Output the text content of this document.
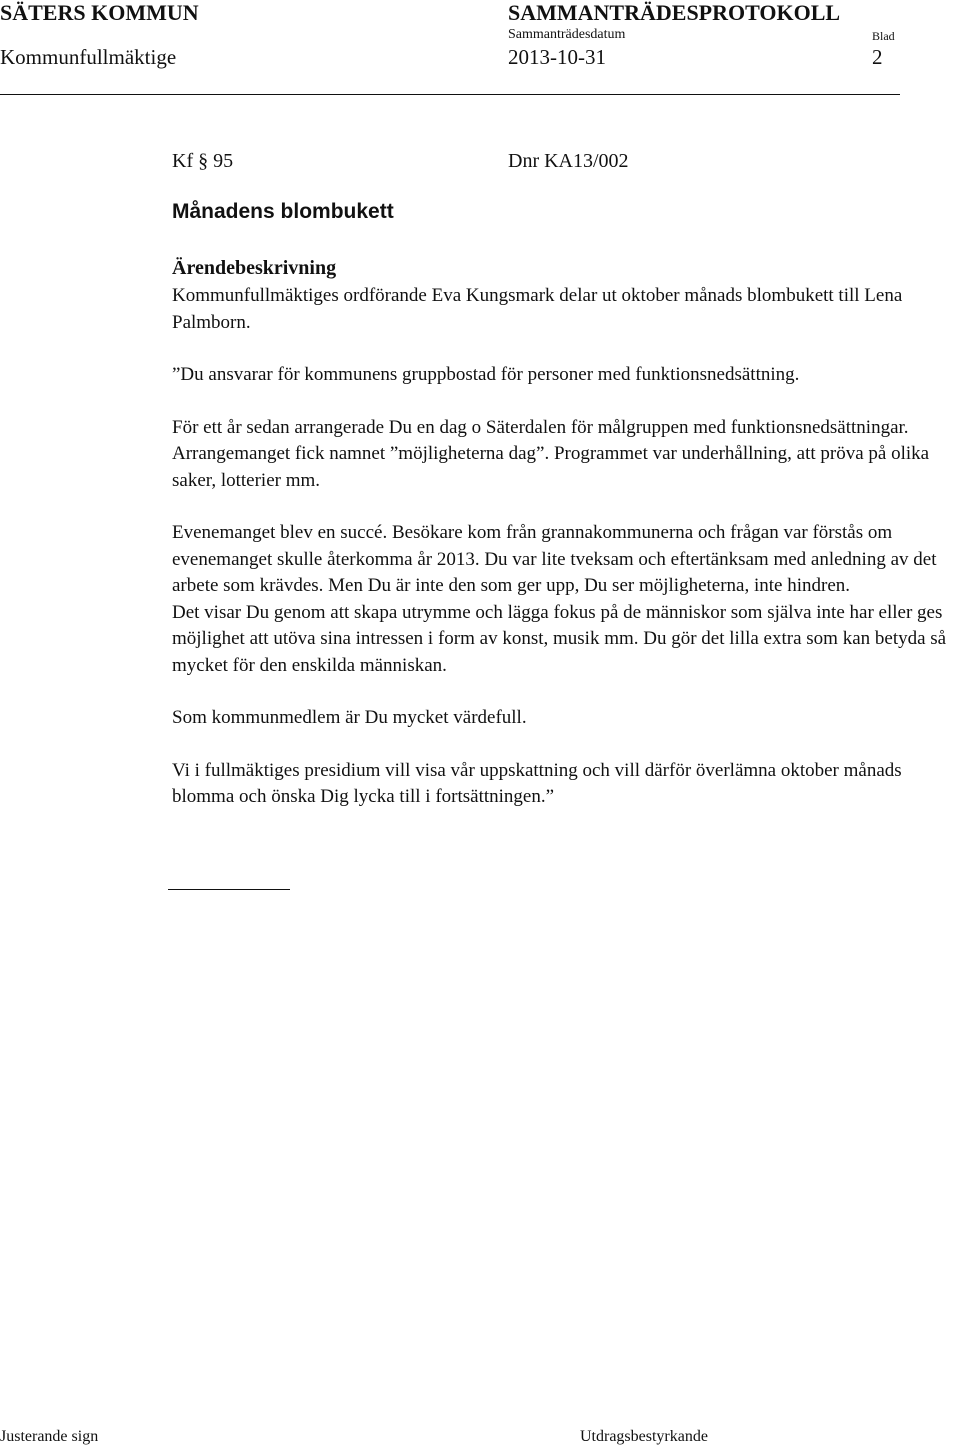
SÄTERS KOMMUN	SAMMANTRÄDESPROTOKOLL
Sammanträdesdatum	Blad
Kommunfullmäktige	2013-10-31	2
Kf § 95	Dnr KA13/002
Månadens blombukett
Ärendebeskrivning

Kommunfullmäktiges ordförande Eva Kungsmark delar ut oktober månads blombukett till Lena Palmborn.

”Du ansvarar för kommunens gruppbostad för personer med funktionsnedsättning.

För ett år sedan arrangerade Du en dag o Säterdalen för målgruppen med funktionsnedsättningar. Arrangemanget fick namnet ”möjligheterna dag”. Programmet var underhållning, att pröva på olika saker, lotterier mm.

Evenemanget blev en succé. Besökare kom från grannakommunerna och frågan var förstås om evenemanget skulle återkomma år 2013. Du var lite tveksam och eftertänksam med anledning av det arbete som krävdes. Men Du är inte den som ger upp, Du ser möjligheterna, inte hindren.

Det visar Du genom att skapa utrymme och lägga fokus på de människor som själva inte har eller ges möjlighet att utöva sina intressen i form av konst, musik mm. Du gör det lilla extra som kan betyda så mycket för den enskilda människan.

Som kommunmedlem är Du mycket värdefull.

Vi i fullmäktiges presidium vill visa vår uppskattning och vill därför överlämna oktober månads blomma och önska Dig lycka till i fortsättningen.”

Justerande sign	Utdragsbestyrkande
